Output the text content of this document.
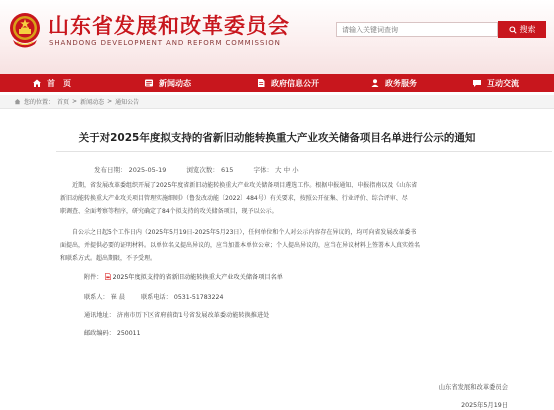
山东省发展和改革委员会
SHANDONG DEVELOPMENT AND REFORM COMMISSION
请输入关键词查询
搜索
首　页	新闻动态	政府信息公开	政务服务	互动交流
您的位置： 首页 > 新闻动态 > 通知公告
关于对2025年度拟支持的省新旧动能转换重大产业攻关储备项目名单进行公示的通知
发布日期： 2025-05-19	浏览次数： 615	字体： 大 中 小
近期，省发展改革委组织开展了2025年度省新旧动能转换重大产业攻关储备项目遴选工作。根据申报通知、申报指南以及《山东省
新旧动能转换重大产业攻关项目管理实施细则》（鲁发改动能〔2022〕484号）有关要求，按照公开征集、行业评价、综合评审、尽
职调查、全面考察等程序，研究确定了84个拟支持的攻关储备项目，现予以公示。
自公示之日起5个工作日内（2025年5月19日-2025年5月23日），任何单位和个人对公示内容存在异议的，均可向省发展改革委书
面提出，并提供必要的证明材料。以单位名义提出异议的，应当加盖本单位公章；个人提出异议的，应当在异议材料上签署本人真实姓名
和联系方式。超出期限，不予受理。
附件： 2025年度拟支持的省新旧动能转换重大产业攻关储备项目名单
联系人： 崔 晨	联系电话： 0531-51783224
通讯地址： 济南市历下区省府前街1号省发展改革委动能转换推进处
邮政编码： 250011
山东省发展和改革委员会
2025年5月19日
